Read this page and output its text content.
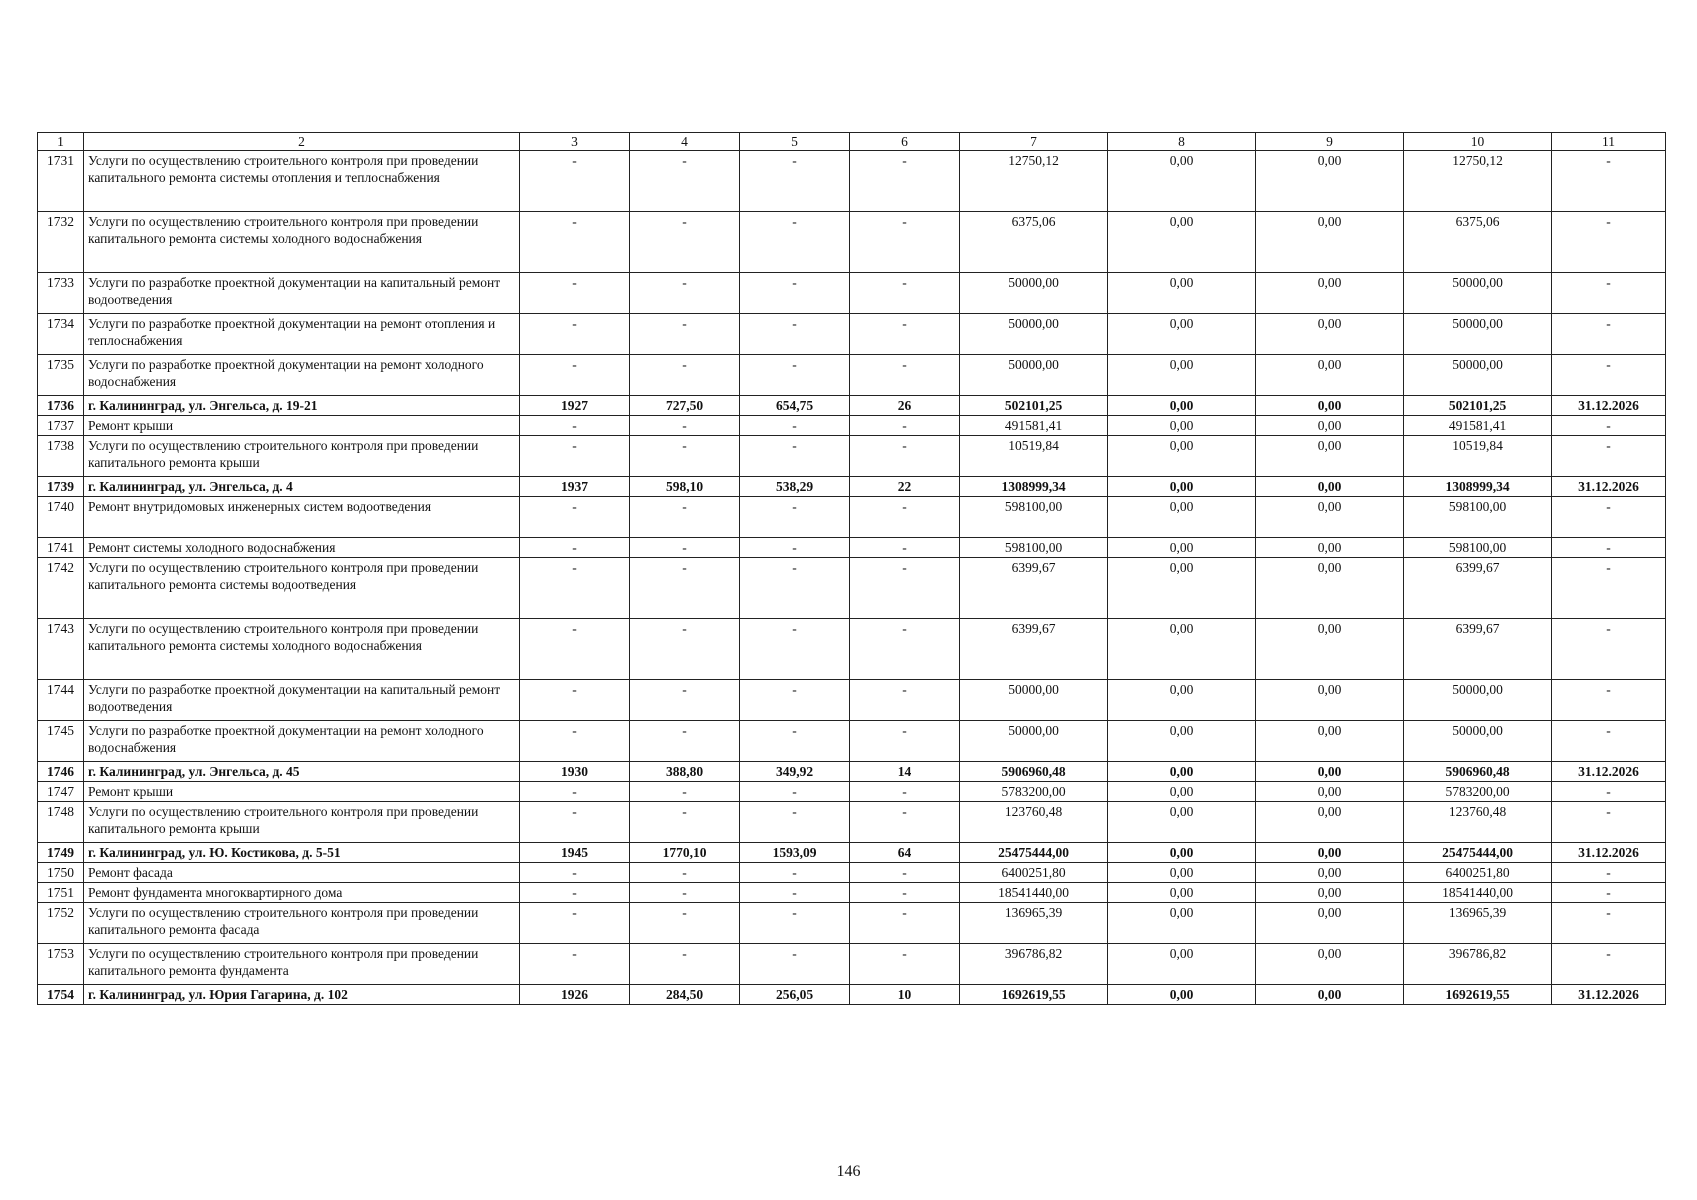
1	2	3	4	5	6	7	8	9	10	11
1731	Услуги по осуществлению строительного контроля при проведении капитального ремонта системы отопления и теплоснабжения	-	-	-	-	12750,12	0,00	0,00	12750,12	-
1732	Услуги по осуществлению строительного контроля при проведении капитального ремонта системы холодного водоснабжения	-	-	-	-	6375,06	0,00	0,00	6375,06	-
1733	Услуги по разработке проектной документации на капитальный ремонт водоотведения	-	-	-	-	50000,00	0,00	0,00	50000,00	-
1734	Услуги по разработке проектной документации на ремонт отопления и теплоснабжения	-	-	-	-	50000,00	0,00	0,00	50000,00	-
1735	Услуги по разработке проектной документации на ремонт холодного водоснабжения	-	-	-	-	50000,00	0,00	0,00	50000,00	-
1736	г. Калининград, ул. Энгельса, д. 19-21	1927	727,50	654,75	26	502101,25	0,00	0,00	502101,25	31.12.2026
1737	Ремонт крыши	-	-	-	-	491581,41	0,00	0,00	491581,41	-
1738	Услуги по осуществлению строительного контроля при проведении капитального ремонта крыши	-	-	-	-	10519,84	0,00	0,00	10519,84	-
1739	г. Калининград, ул. Энгельса, д. 4	1937	598,10	538,29	22	1308999,34	0,00	0,00	1308999,34	31.12.2026
1740	Ремонт внутридомовых инженерных систем водоотведения	-	-	-	-	598100,00	0,00	0,00	598100,00	-
1741	Ремонт системы холодного водоснабжения	-	-	-	-	598100,00	0,00	0,00	598100,00	-
1742	Услуги по осуществлению строительного контроля при проведении капитального ремонта системы водоотведения	-	-	-	-	6399,67	0,00	0,00	6399,67	-
1743	Услуги по осуществлению строительного контроля при проведении капитального ремонта системы холодного водоснабжения	-	-	-	-	6399,67	0,00	0,00	6399,67	-
1744	Услуги по разработке проектной документации на капитальный ремонт водоотведения	-	-	-	-	50000,00	0,00	0,00	50000,00	-
1745	Услуги по разработке проектной документации на ремонт холодного водоснабжения	-	-	-	-	50000,00	0,00	0,00	50000,00	-
1746	г. Калининград, ул. Энгельса, д. 45	1930	388,80	349,92	14	5906960,48	0,00	0,00	5906960,48	31.12.2026
1747	Ремонт крыши	-	-	-	-	5783200,00	0,00	0,00	5783200,00	-
1748	Услуги по осуществлению строительного контроля при проведении капитального ремонта крыши	-	-	-	-	123760,48	0,00	0,00	123760,48	-
1749	г. Калининград, ул. Ю. Костикова, д. 5-51	1945	1770,10	1593,09	64	25475444,00	0,00	0,00	25475444,00	31.12.2026
1750	Ремонт фасада	-	-	-	-	6400251,80	0,00	0,00	6400251,80	-
1751	Ремонт фундамента многоквартирного дома	-	-	-	-	18541440,00	0,00	0,00	18541440,00	-
1752	Услуги по осуществлению строительного контроля при проведении капитального ремонта фасада	-	-	-	-	136965,39	0,00	0,00	136965,39	-
1753	Услуги по осуществлению строительного контроля при проведении капитального ремонта фундамента	-	-	-	-	396786,82	0,00	0,00	396786,82	-
1754	г. Калининград, ул. Юрия Гагарина, д. 102	1926	284,50	256,05	10	1692619,55	0,00	0,00	1692619,55	31.12.2026
146
